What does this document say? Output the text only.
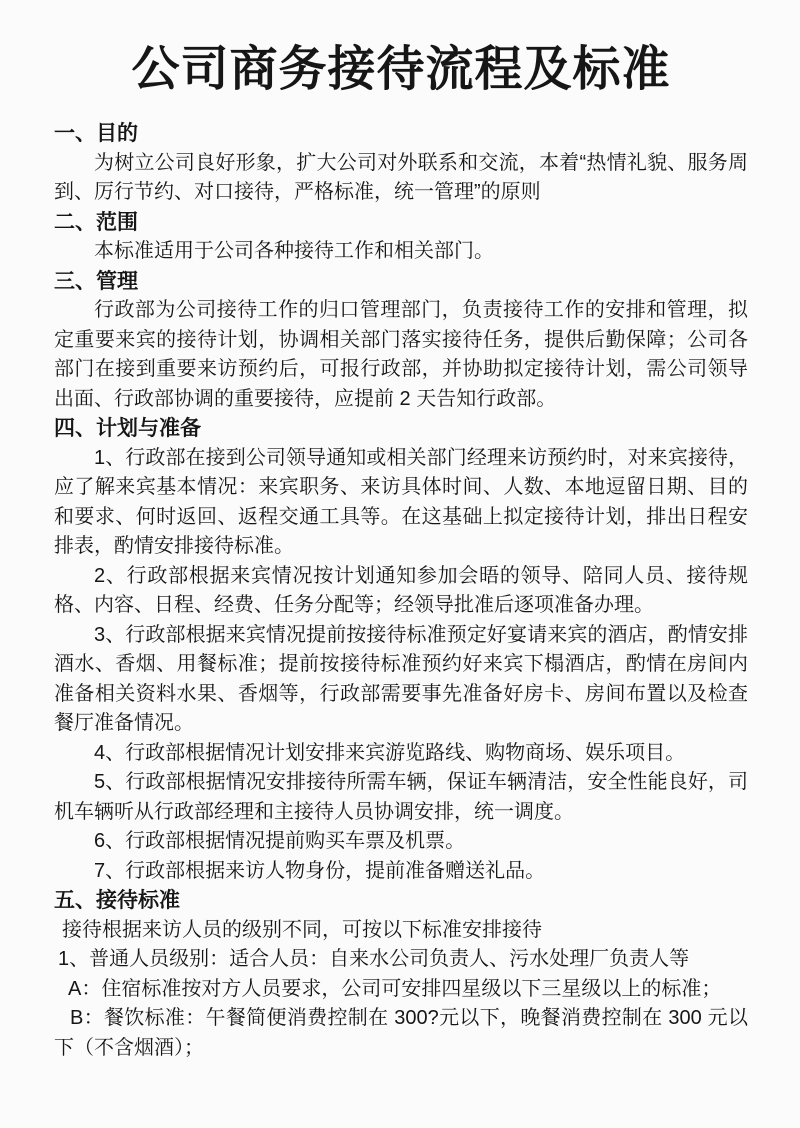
公司商务接待流程及标准
一、目的

为树立公司良好形象，扩大公司对外联系和交流，本着“热情礼貌、服务周到、厉行节约、对口接待，严格标准，统一管理”的原则

二、范围

本标准适用于公司各种接待工作和相关部门。

三、管理

行政部为公司接待工作的归口管理部门，负责接待工作的安排和管理，拟定重要来宾的接待计划，协调相关部门落实接待任务，提供后勤保障；公司各部门在接到重要来访预约后，可报行政部，并协助拟定接待计划，需公司领导出面、行政部协调的重要接待，应提前 2 天告知行政部。

四、计划与准备

1、行政部在接到公司领导通知或相关部门经理来访预约时，对来宾接待，应了解来宾基本情况：来宾职务、来访具体时间、人数、本地逗留日期、目的和要求、何时返回、返程交通工具等。在这基础上拟定接待计划，排出日程安排表，酌情安排接待标准。

2、行政部根据来宾情况按计划通知参加会晤的领导、陪同人员、接待规格、内容、日程、经费、任务分配等；经领导批准后逐项准备办理。

3、行政部根据来宾情况提前按接待标准预定好宴请来宾的酒店，酌情安排酒水、香烟、用餐标准；提前按接待标准预约好来宾下榻酒店，酌情在房间内准备相关资料水果、香烟等，行政部需要事先准备好房卡、房间布置以及检查餐厅准备情况。

4、行政部根据情况计划安排来宾游览路线、购物商场、娱乐项目。

5、行政部根据情况安排接待所需车辆，保证车辆清洁，安全性能良好，司机车辆听从行政部经理和主接待人员协调安排，统一调度。

6、行政部根据情况提前购买车票及机票。

7、行政部根据来访人物身份，提前准备赠送礼品。

五、接待标准

接待根据来访人员的级别不同，可按以下标准安排接待

1、普通人员级别：适合人员：自来水公司负责人、污水处理厂负责人等

A：住宿标准按对方人员要求，公司可安排四星级以下三星级以上的标准；

B：餐饮标准：午餐简便消费控制在 300?元以下，晚餐消费控制在 300 元以下（不含烟酒）；
